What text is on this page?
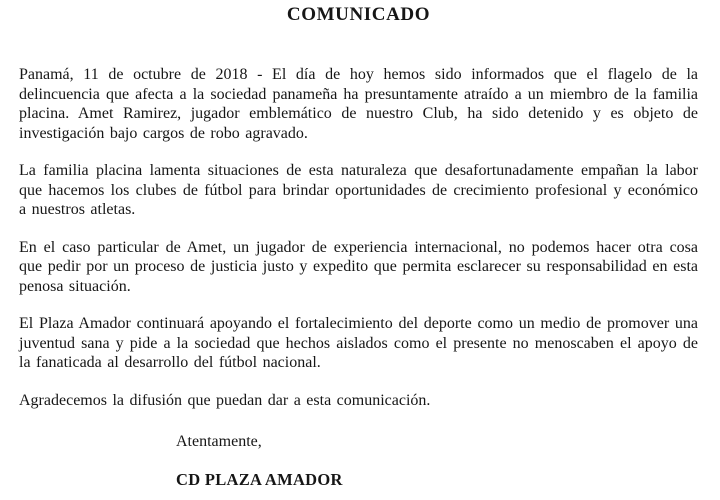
COMUNICADO

Panamá, 11 de octubre de 2018 - El día de hoy hemos sido informados que el flagelo de la delincuencia que afecta a la sociedad panameña ha presuntamente atraído a un miembro de la familia placina. Amet Ramirez, jugador emblemático de nuestro Club, ha sido detenido y es objeto de investigación bajo cargos de robo agravado.

La familia placina lamenta situaciones de esta naturaleza que desafortunadamente empañan la labor que hacemos los clubes de fútbol para brindar oportunidades de crecimiento profesional y económico a nuestros atletas.

En el caso particular de Amet, un jugador de experiencia internacional, no podemos hacer otra cosa que pedir por un proceso de justicia justo y expedito que permita esclarecer su responsabilidad en esta penosa situación.

El Plaza Amador continuará apoyando el fortalecimiento del deporte como un medio de promover una juventud sana y pide a la sociedad que hechos aislados como el presente no menoscaben el apoyo de la fanaticada al desarrollo del fútbol nacional.

Agradecemos la difusión que puedan dar a esta comunicación.

Atentamente,

CD PLAZA AMADOR
